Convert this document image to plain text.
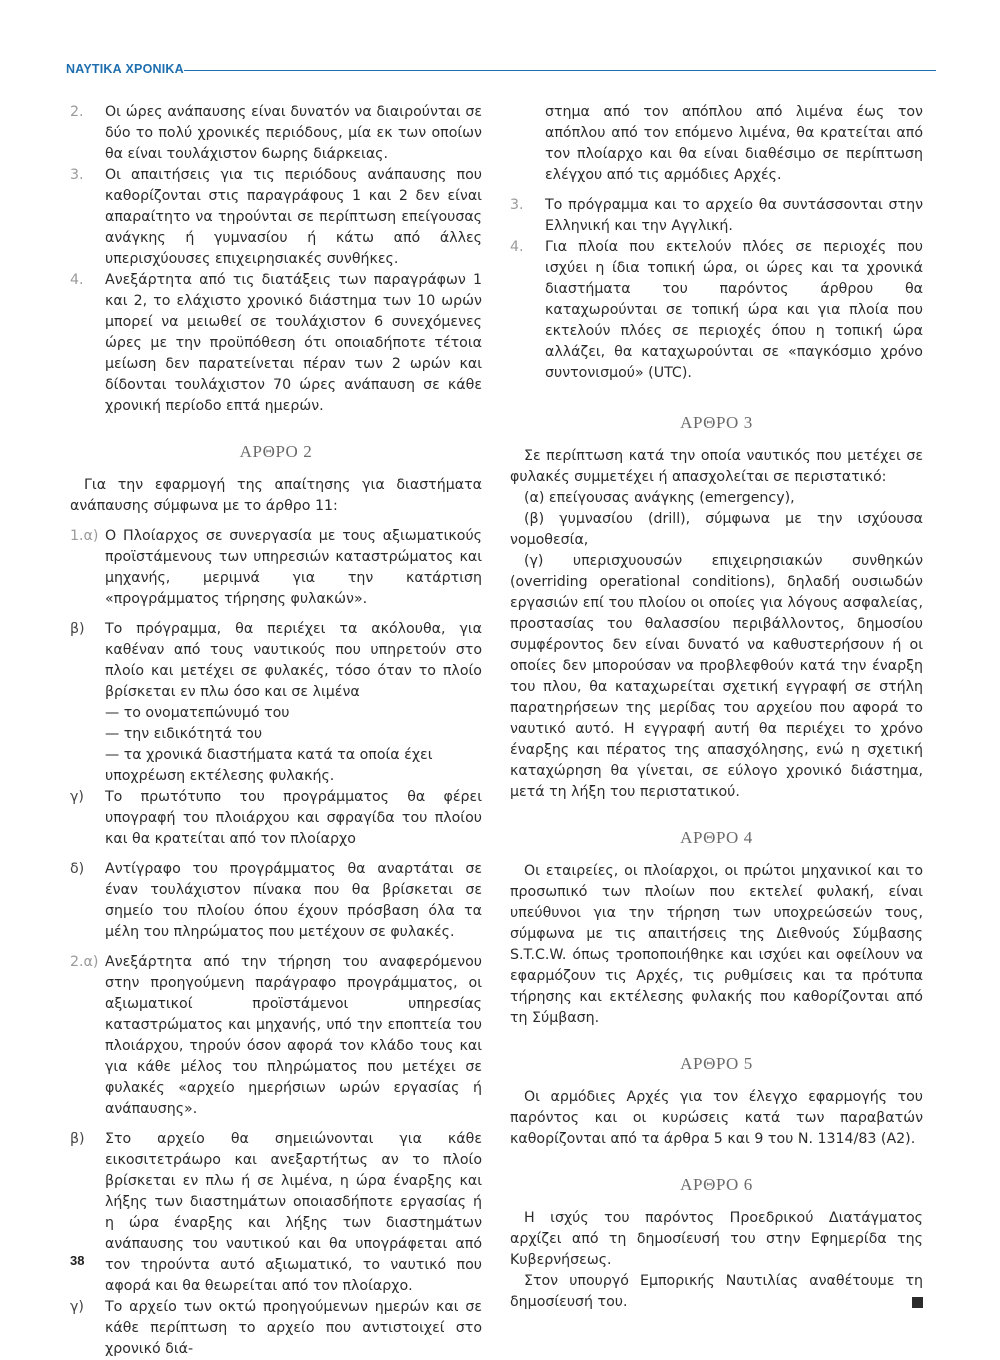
ΝΑΥΤΙΚΑ ΧΡΟΝΙΚΑ
2. Οι ώρες ανάπαυσης είναι δυνατόν να διαιρούνται σε δύο το πολύ χρονικές περιόδους, μία εκ των οποίων θα είναι τουλάχιστον 6ωρης διάρκειας.
3. Οι απαιτήσεις για τις περιόδους ανάπαυσης που καθορίζονται στις παραγράφους 1 και 2 δεν είναι απαραίτητο να τηρούνται σε περίπτωση επείγουσας ανάγκης ή γυμνασίου ή κάτω από άλλες υπερισχύουσες επιχειρησιακές συνθήκες.
4. Ανεξάρτητα από τις διατάξεις των παραγράφων 1 και 2, το ελάχιστο χρονικό διάστημα των 10 ωρών μπορεί να μειωθεί σε τουλάχιστον 6 συνεχόμενες ώρες με την προϋπόθεση ότι οποιαδήποτε τέτοια μείωση δεν παρατείνεται πέραν των 2 ωρών και δίδονται τουλάχιστον 70 ώρες ανάπαυση σε κάθε χρονική περίοδο επτά ημερών.
ΑΡΘΡΟ 2

Για την εφαρμογή της απαίτησης για διαστήματα ανάπαυσης σύμφωνα με το άρθρο 11:

1.α) Ο Πλοίαρχος σε συνεργασία με τους αξιωματικούς προϊστάμενους των υπηρεσιών καταστρώματος και μηχανής, μεριμνά για την κατάρτιση «προγράμματος τήρησης φυλακών».
β) Το πρόγραμμα, θα περιέχει τα ακόλουθα, για καθέναν από τους ναυτικούς που υπηρετούν στο πλοίο και μετέχει σε φυλακές, τόσο όταν το πλοίο βρίσκεται εν πλω όσο και σε λιμένα
— το ονοματεπώνυμό του
— την ειδικότητά του
— τα χρονικά διαστήματα κατά τα οποία έχει υποχρέωση εκτέλεσης φυλακής.
γ) Το πρωτότυπο του προγράμματος θα φέρει υπογραφή του πλοιάρχου και σφραγίδα του πλοίου και θα κρατείται από τον πλοίαρχο
δ) Αντίγραφο του προγράμματος θα αναρτάται σε έναν τουλάχιστον πίνακα που θα βρίσκεται σε σημείο του πλοίου όπου έχουν πρόσβαση όλα τα μέλη του πληρώματος που μετέχουν σε φυλακές.
2.α) Ανεξάρτητα από την τήρηση του αναφερόμενου στην προηγούμενη παράγραφο προγράμματος, οι αξιωματικοί προϊστάμενοι υπηρεσίας καταστρώματος και μηχανής, υπό την εποπτεία του πλοιάρχου, τηρούν όσον αφορά τον κλάδο τους και για κάθε μέλος του πληρώματος που μετέχει σε φυλακές «αρχείο ημερήσιων ωρών εργασίας ή ανάπαυσης».
β) Στο αρχείο θα σημειώνονται για κάθε εικοσιτετράωρο και ανεξαρτήτως αν το πλοίο βρίσκεται εν πλω ή σε λιμένα, η ώρα έναρξης και λήξης των διαστημάτων οποιασδήποτε εργασίας ή η ώρα έναρξης και λήξης των διαστημάτων ανάπαυσης του ναυτικού και θα υπογράφεται από τον τηρούντα αυτό αξιωματικό, το ναυτικό που αφορά και θα θεωρείται από τον πλοίαρχο.
γ) Το αρχείο των οκτώ προηγούμενων ημερών και σε κάθε περίπτωση το αρχείο που αντιστοιχεί στο χρονικό διά-
στημα από τον απόπλου από λιμένα έως τον απόπλου από τον επόμενο λιμένα, θα κρατείται από τον πλοίαρχο και θα είναι διαθέσιμο σε περίπτωση ελέγχου από τις αρμόδιες Αρχές.
3. Το πρόγραμμα και το αρχείο θα συντάσσονται στην Ελληνική και την Αγγλική.
4. Για πλοία που εκτελούν πλόες σε περιοχές που ισχύει η ίδια τοπική ώρα, οι ώρες και τα χρονικά διαστήματα του παρόντος άρθρου θα καταχωρούνται σε τοπική ώρα και για πλοία που εκτελούν πλόες σε περιοχές όπου η τοπική ώρα αλλάζει, θα καταχωρούνται σε «παγκόσμιο χρόνο συντονισμού» (UTC).
ΑΡΘΡΟ 3

Σε περίπτωση κατά την οποία ναυτικός που μετέχει σε φυλακές συμμετέχει ή απασχολείται σε περιστατικό:

(α) επείγουσας ανάγκης (emergency),

(β) γυμνασίου (drill), σύμφωνα με την ισχύουσα νομοθεσία,

(γ) υπερισχυουσών επιχειρησιακών συνθηκών (overriding operational conditions), δηλαδή ουσιωδών εργασιών επί του πλοίου οι οποίες για λόγους ασφαλείας, προστασίας του θαλασσίου περιβάλλοντος, δημοσίου συμφέροντος δεν είναι δυνατό να καθυστερήσουν ή οι οποίες δεν μπορούσαν να προβλεφθούν κατά την έναρξη του πλου, θα καταχωρείται σχετική εγγραφή σε στήλη παρατηρήσεων της μερίδας του αρχείου που αφορά το ναυτικό αυτό. Η εγγραφή αυτή θα περιέχει το χρόνο έναρξης και πέρατος της απασχόλησης, ενώ η σχετική καταχώρηση θα γίνεται, σε εύλογο χρονικό διάστημα, μετά τη λήξη του περιστατικού.

ΑΡΘΡΟ 4

Οι εταιρείες, οι πλοίαρχοι, οι πρώτοι μηχανικοί και το προσωπικό των πλοίων που εκτελεί φυλακή, είναι υπεύθυνοι για την τήρηση των υποχρεώσεών τους, σύμφωνα με τις απαιτήσεις της Διεθνούς Σύμβασης S.T.C.W. όπως τροποποιήθηκε και ισχύει και οφείλουν να εφαρμόζουν τις Αρχές, τις ρυθμίσεις και τα πρότυπα τήρησης και εκτέλεσης φυλακής που καθορίζονται από τη Σύμβαση.

ΑΡΘΡΟ 5

Οι αρμόδιες Αρχές για τον έλεγχο εφαρμογής του παρόντος και οι κυρώσεις κατά των παραβατών καθορίζονται από τα άρθρα 5 και 9 του Ν. 1314/83 (Α2).

ΑΡΘΡΟ 6

Η ισχύς του παρόντος Προεδρικού Διατάγματος αρχίζει από τη δημοσίευσή του στην Εφημερίδα της Κυβερνήσεως.

Στον υπουργό Εμπορικής Ναυτιλίας αναθέτουμε τη δημοσίευσή του.

38
